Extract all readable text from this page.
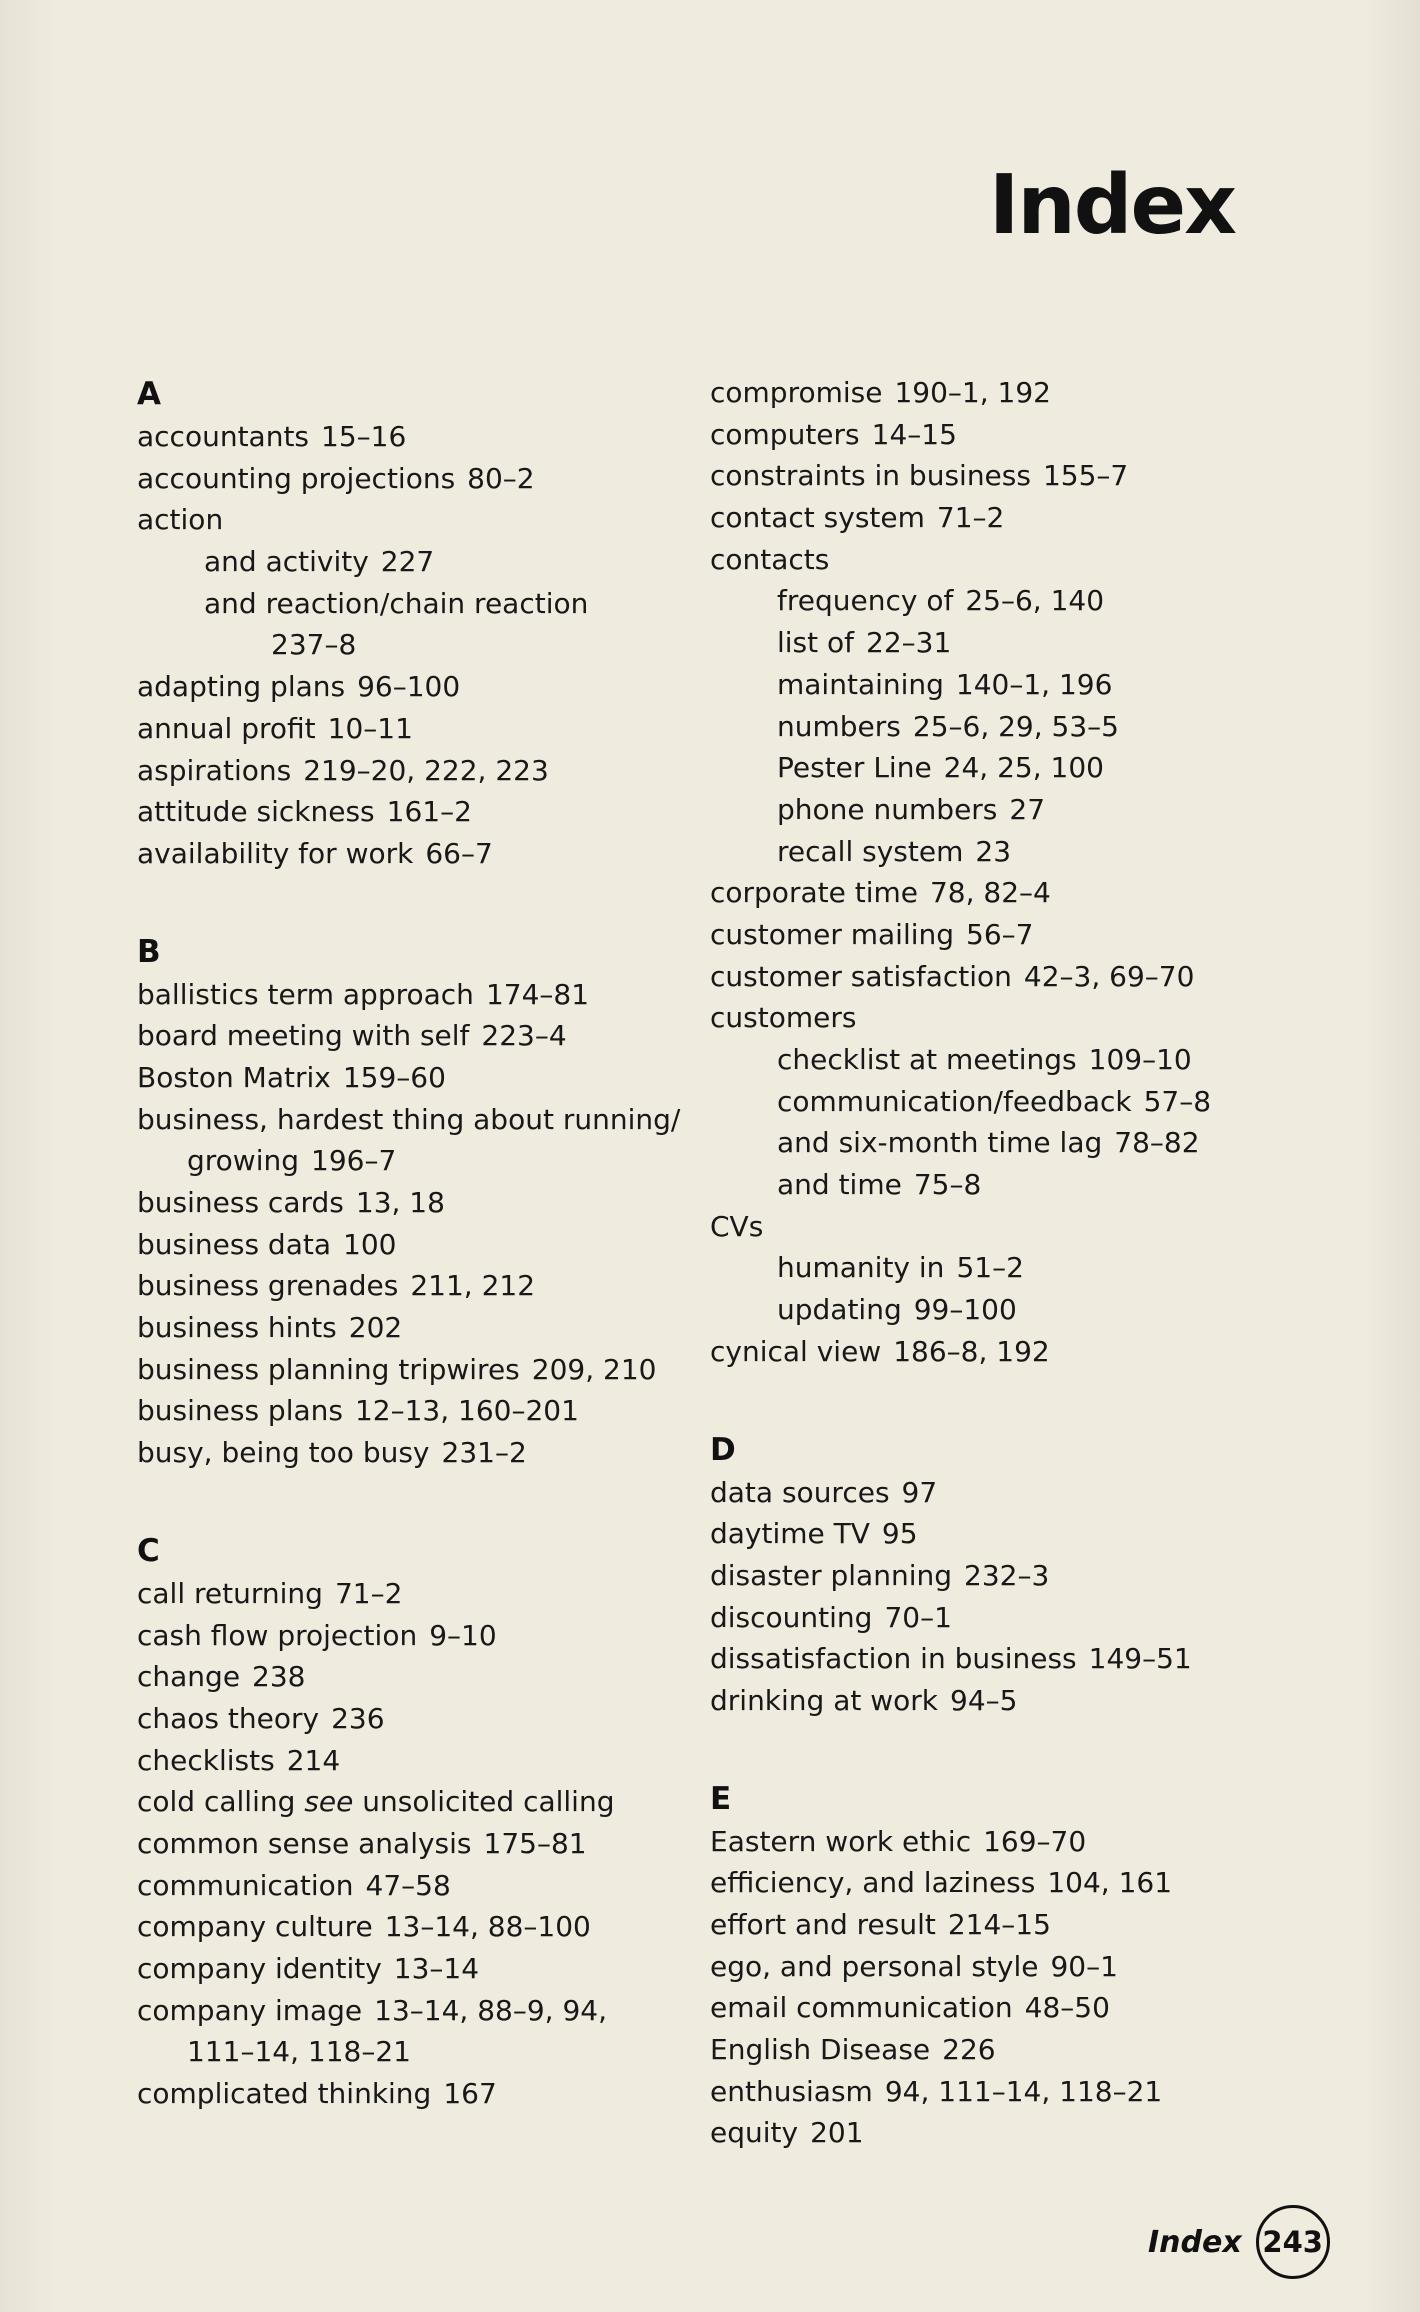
Index
A
accountants 15–16
accounting projections 80–2
action
and activity 227
and reaction/chain reaction
237–8
adapting plans 96–100
annual profit 10–11
aspirations 219–20, 222, 223
attitude sickness 161–2
availability for work 66–7
B
ballistics term approach 174–81
board meeting with self 223–4
Boston Matrix 159–60
business, hardest thing about running/
growing 196–7
business cards 13, 18
business data 100
business grenades 211, 212
business hints 202
business planning tripwires 209, 210
business plans 12–13, 160–201
busy, being too busy 231–2
C
call returning 71–2
cash flow projection 9–10
change 238
chaos theory 236
checklists 214
cold calling see unsolicited calling
common sense analysis 175–81
communication 47–58
company culture 13–14, 88–100
company identity 13–14
company image 13–14, 88–9, 94,
111–14, 118–21
complicated thinking 167
compromise 190–1, 192
computers 14–15
constraints in business 155–7
contact system 71–2
contacts
frequency of 25–6, 140
list of 22–31
maintaining 140–1, 196
numbers 25–6, 29, 53–5
Pester Line 24, 25, 100
phone numbers 27
recall system 23
corporate time 78, 82–4
customer mailing 56–7
customer satisfaction 42–3, 69–70
customers
checklist at meetings 109–10
communication/feedback 57–8
and six-month time lag 78–82
and time 75–8
CVs
humanity in 51–2
updating 99–100
cynical view 186–8, 192
D
data sources 97
daytime TV 95
disaster planning 232–3
discounting 70–1
dissatisfaction in business 149–51
drinking at work 94–5
E
Eastern work ethic 169–70
efficiency, and laziness 104, 161
effort and result 214–15
ego, and personal style 90–1
email communication 48–50
English Disease 226
enthusiasm 94, 111–14, 118–21
equity 201
Index 243
